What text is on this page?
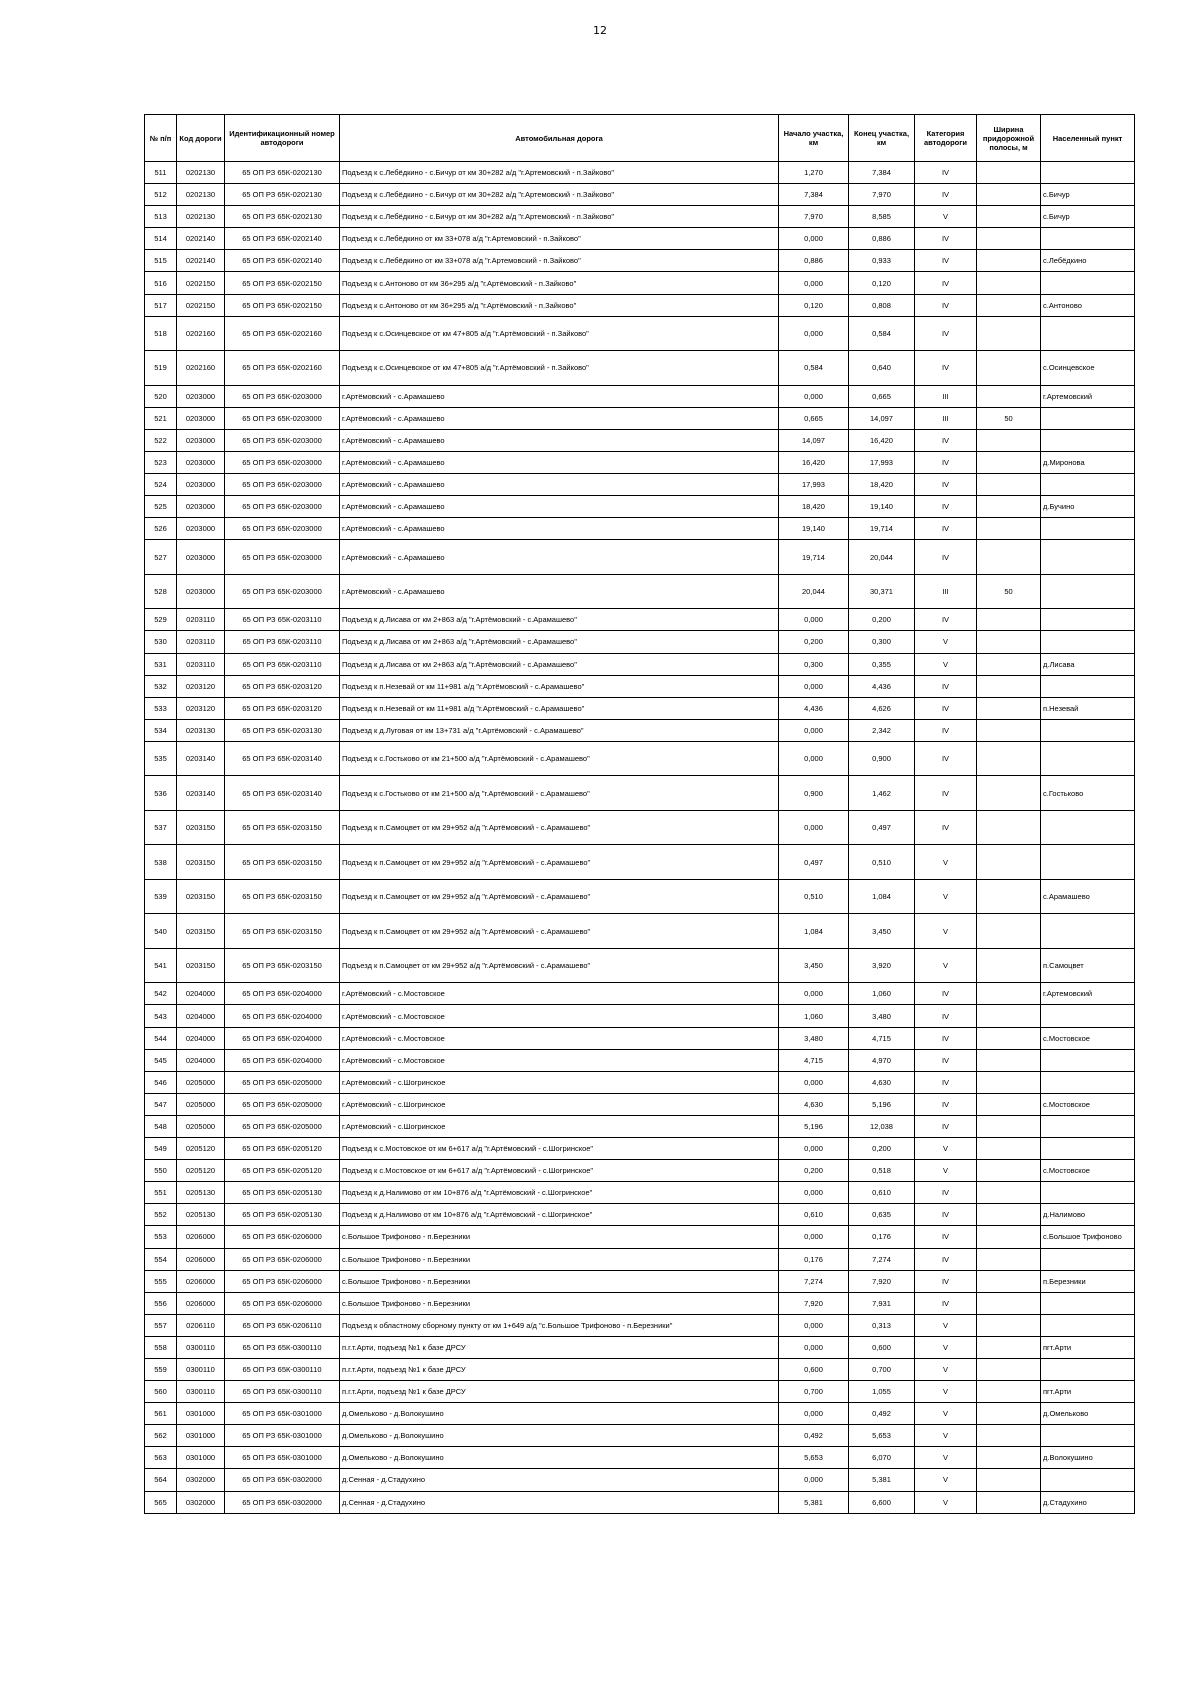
12
№ п/п	Код дороги	Идентификационный номер автодороги	Автомобильная дорога	Начало участка, км	Конец участка, км	Категория автодороги	Ширина придорожной полосы, м	Населенный пункт
511	0202130	65 ОП РЗ 65К-0202130	Подъезд к с.Лебёдкино - с.Бичур от км 30+282 а/д "г.Артемовский - п.Зайково"	1,270	7,384	IV		
512	0202130	65 ОП РЗ 65К-0202130	Подъезд к с.Лебёдкино - с.Бичур от км 30+282 а/д "г.Артемовский - п.Зайково"	7,384	7,970	IV		с.Бичур
513	0202130	65 ОП РЗ 65К-0202130	Подъезд к с.Лебёдкино - с.Бичур от км 30+282 а/д "г.Артемовский - п.Зайково"	7,970	8,585	V		с.Бичур
514	0202140	65 ОП РЗ 65К-0202140	Подъезд к с.Лебёдкино от км 33+078 а/д "г.Артемовский - п.Зайково"	0,000	0,886	IV		
515	0202140	65 ОП РЗ 65К-0202140	Подъезд к с.Лебёдкино от км 33+078 а/д "г.Артемовский - п.Зайково"	0,886	0,933	IV		с.Лебёдкино
516	0202150	65 ОП РЗ 65К-0202150	Подъезд к с.Антоново от км 36+295 а/д "г.Артёмовский - п.Зайково"	0,000	0,120	IV		
517	0202150	65 ОП РЗ 65К-0202150	Подъезд к с.Антоново от км 36+295 а/д "г.Артёмовский - п.Зайково"	0,120	0,808	IV		с.Антоново
518	0202160	65 ОП РЗ 65К-0202160	Подъезд к с.Осинцевское от км 47+805 а/д "г.Артёмовский - п.Зайково"	0,000	0,584	IV		
519	0202160	65 ОП РЗ 65К-0202160	Подъезд к с.Осинцевское от км 47+805 а/д "г.Артёмовский - п.Зайково"	0,584	0,640	IV		с.Осинцевское
520	0203000	65 ОП РЗ 65К-0203000	г.Артёмовский - с.Арамашево	0,000	0,665	III		г.Артемовский
521	0203000	65 ОП РЗ 65К-0203000	г.Артёмовский - с.Арамашево	0,665	14,097	III	50	
522	0203000	65 ОП РЗ 65К-0203000	г.Артёмовский - с.Арамашево	14,097	16,420	IV		
523	0203000	65 ОП РЗ 65К-0203000	г.Артёмовский - с.Арамашево	16,420	17,993	IV		д.Миронова
524	0203000	65 ОП РЗ 65К-0203000	г.Артёмовский - с.Арамашево	17,993	18,420	IV		
525	0203000	65 ОП РЗ 65К-0203000	г.Артёмовский - с.Арамашево	18,420	19,140	IV		д.Бучино
526	0203000	65 ОП РЗ 65К-0203000	г.Артёмовский - с.Арамашево	19,140	19,714	IV		
527	0203000	65 ОП РЗ 65К-0203000	г.Артёмовский - с.Арамашево	19,714	20,044	IV		
528	0203000	65 ОП РЗ 65К-0203000	г.Артёмовский - с.Арамашево	20,044	30,371	III	50	
529	0203110	65 ОП РЗ 65К-0203110	Подъезд к д.Лисава от км 2+863 а/д "г.Артёмовский - с.Арамашево"	0,000	0,200	IV		
530	0203110	65 ОП РЗ 65К-0203110	Подъезд к д.Лисава от км 2+863 а/д "г.Артёмовский - с.Арамашево"	0,200	0,300	V		
531	0203110	65 ОП РЗ 65К-0203110	Подъезд к д.Лисава от км 2+863 а/д "г.Артёмовский - с.Арамашево"	0,300	0,355	V		д.Лисава
532	0203120	65 ОП РЗ 65К-0203120	Подъезд к п.Незевай от км 11+981 а/д "г.Артёмовский - с.Арамашево"	0,000	4,436	IV		
533	0203120	65 ОП РЗ 65К-0203120	Подъезд к п.Незевай от км 11+981 а/д "г.Артёмовский - с.Арамашево"	4,436	4,626	IV		п.Незевай
534	0203130	65 ОП РЗ 65К-0203130	Подъезд к д.Луговая от км 13+731 а/д "г.Артёмовский - с.Арамашево"	0,000	2,342	IV		
535	0203140	65 ОП РЗ 65К-0203140	Подъезд к с.Гостьково от км 21+500 а/д "г.Артёмовский - с.Арамашево"	0,000	0,900	IV		
536	0203140	65 ОП РЗ 65К-0203140	Подъезд к с.Гостьково от км 21+500 а/д "г.Артёмовский - с.Арамашево"	0,900	1,462	IV		с.Гостьково
537	0203150	65 ОП РЗ 65К-0203150	Подъезд к п.Самоцвет от км 29+952 а/д "г.Артёмовский - с.Арамашево"	0,000	0,497	IV		
538	0203150	65 ОП РЗ 65К-0203150	Подъезд к п.Самоцвет от км 29+952 а/д "г.Артёмовский - с.Арамашево"	0,497	0,510	V		
539	0203150	65 ОП РЗ 65К-0203150	Подъезд к п.Самоцвет от км 29+952 а/д "г.Артёмовский - с.Арамашево"	0,510	1,084	V		с.Арамашево
540	0203150	65 ОП РЗ 65К-0203150	Подъезд к п.Самоцвет от км 29+952 а/д "г.Артёмовский - с.Арамашево"	1,084	3,450	V		
541	0203150	65 ОП РЗ 65К-0203150	Подъезд к п.Самоцвет от км 29+952 а/д "г.Артёмовский - с.Арамашево"	3,450	3,920	V		п.Самоцвет
542	0204000	65 ОП РЗ 65К-0204000	г.Артёмовский - с.Мостовское	0,000	1,060	IV		г.Артемовский
543	0204000	65 ОП РЗ 65К-0204000	г.Артёмовский - с.Мостовское	1,060	3,480	IV		
544	0204000	65 ОП РЗ 65К-0204000	г.Артёмовский - с.Мостовское	3,480	4,715	IV		с.Мостовское
545	0204000	65 ОП РЗ 65К-0204000	г.Артёмовский - с.Мостовское	4,715	4,970	IV		
546	0205000	65 ОП РЗ 65К-0205000	г.Артёмовский - с.Шогринское	0,000	4,630	IV		
547	0205000	65 ОП РЗ 65К-0205000	г.Артёмовский - с.Шогринское	4,630	5,196	IV		с.Мостовское
548	0205000	65 ОП РЗ 65К-0205000	г.Артёмовский - с.Шогринское	5,196	12,038	IV		
549	0205120	65 ОП РЗ 65К-0205120	Подъезд к с.Мостовское от км 6+617 а/д "г.Артёмовский - с.Шогринское"	0,000	0,200	V		
550	0205120	65 ОП РЗ 65К-0205120	Подъезд к с.Мостовское от км 6+617 а/д "г.Артёмовский - с.Шогринское"	0,200	0,518	V		с.Мостовское
551	0205130	65 ОП РЗ 65К-0205130	Подъезд к д.Налимово от км 10+876 а/д "г.Артёмовский - с.Шогринское"	0,000	0,610	IV		
552	0205130	65 ОП РЗ 65К-0205130	Подъезд к д.Налимово от км 10+876 а/д "г.Артёмовский - с.Шогринское"	0,610	0,635	IV		д.Налимово
553	0206000	65 ОП РЗ 65К-0206000	с.Большое Трифоново - п.Березники	0,000	0,176	IV		с.Большое Трифоново
554	0206000	65 ОП РЗ 65К-0206000	с.Большое Трифоново - п.Березники	0,176	7,274	IV		
555	0206000	65 ОП РЗ 65К-0206000	с.Большое Трифоново - п.Березники	7,274	7,920	IV		п.Березники
556	0206000	65 ОП РЗ 65К-0206000	с.Большое Трифоново - п.Березники	7,920	7,931	IV		
557	0206110	65 ОП РЗ 65К-0206110	Подъезд к областному сборному пункту от км 1+649 а/д "с.Большое Трифоново - п.Березники"	0,000	0,313	V		
558	0300110	65 ОП РЗ 65К-0300110	п.г.т.Арти, подъезд №1 к базе ДРСУ	0,000	0,600	V		пгт.Арти
559	0300110	65 ОП РЗ 65К-0300110	п.г.т.Арти, подъезд №1 к базе ДРСУ	0,600	0,700	V		
560	0300110	65 ОП РЗ 65К-0300110	п.г.т.Арти, подъезд №1 к базе ДРСУ	0,700	1,055	V		пгт.Арти
561	0301000	65 ОП РЗ 65К-0301000	д.Омельково - д.Волокушино	0,000	0,492	V		д.Омельково
562	0301000	65 ОП РЗ 65К-0301000	д.Омельково - д.Волокушино	0,492	5,653	V		
563	0301000	65 ОП РЗ 65К-0301000	д.Омельково - д.Волокушино	5,653	6,070	V		д.Волокушино
564	0302000	65 ОП РЗ 65К-0302000	д.Сенная - д.Стадухино	0,000	5,381	V		
565	0302000	65 ОП РЗ 65К-0302000	д.Сенная - д.Стадухино	5,381	6,600	V		д.Стадухино
